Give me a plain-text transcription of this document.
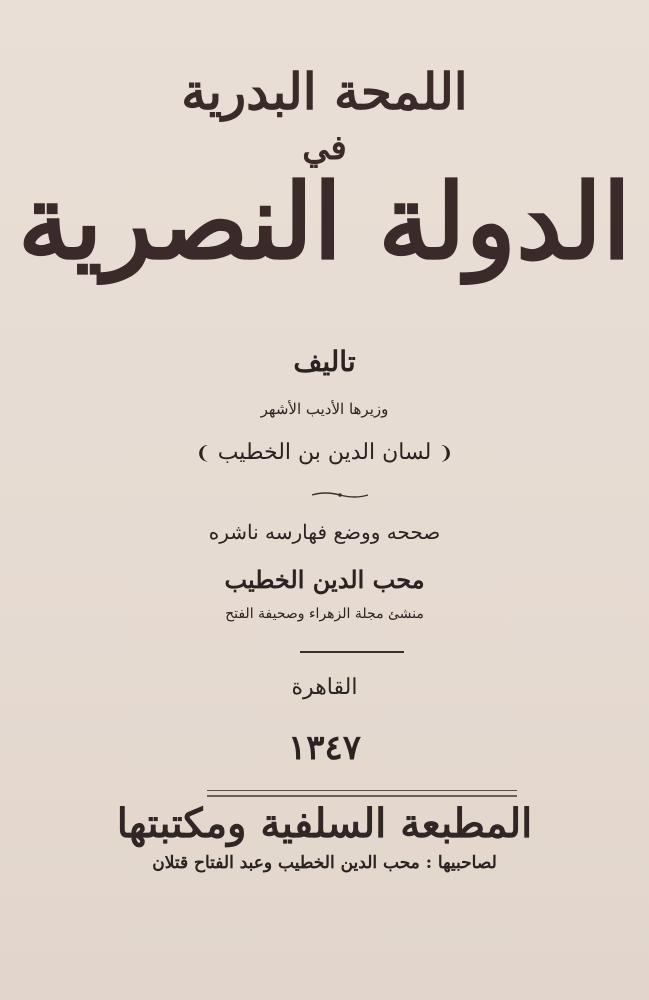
اللمحة البدرية
في
الدولة النصرية
تاليف
وزيرها الأديب الأشهر
❨ لسان الدين بن الخطيب ❩
صححه ووضع فهارسه ناشره
محب الدين الخطيب
منشئ مجلة الزهراء وصحيفة الفتح
القاهرة
١٣٤٧
المطبعة السلفية ومكتبتها
لصاحبيها : محب الدين الخطيب وعبد الفتاح قتلان
